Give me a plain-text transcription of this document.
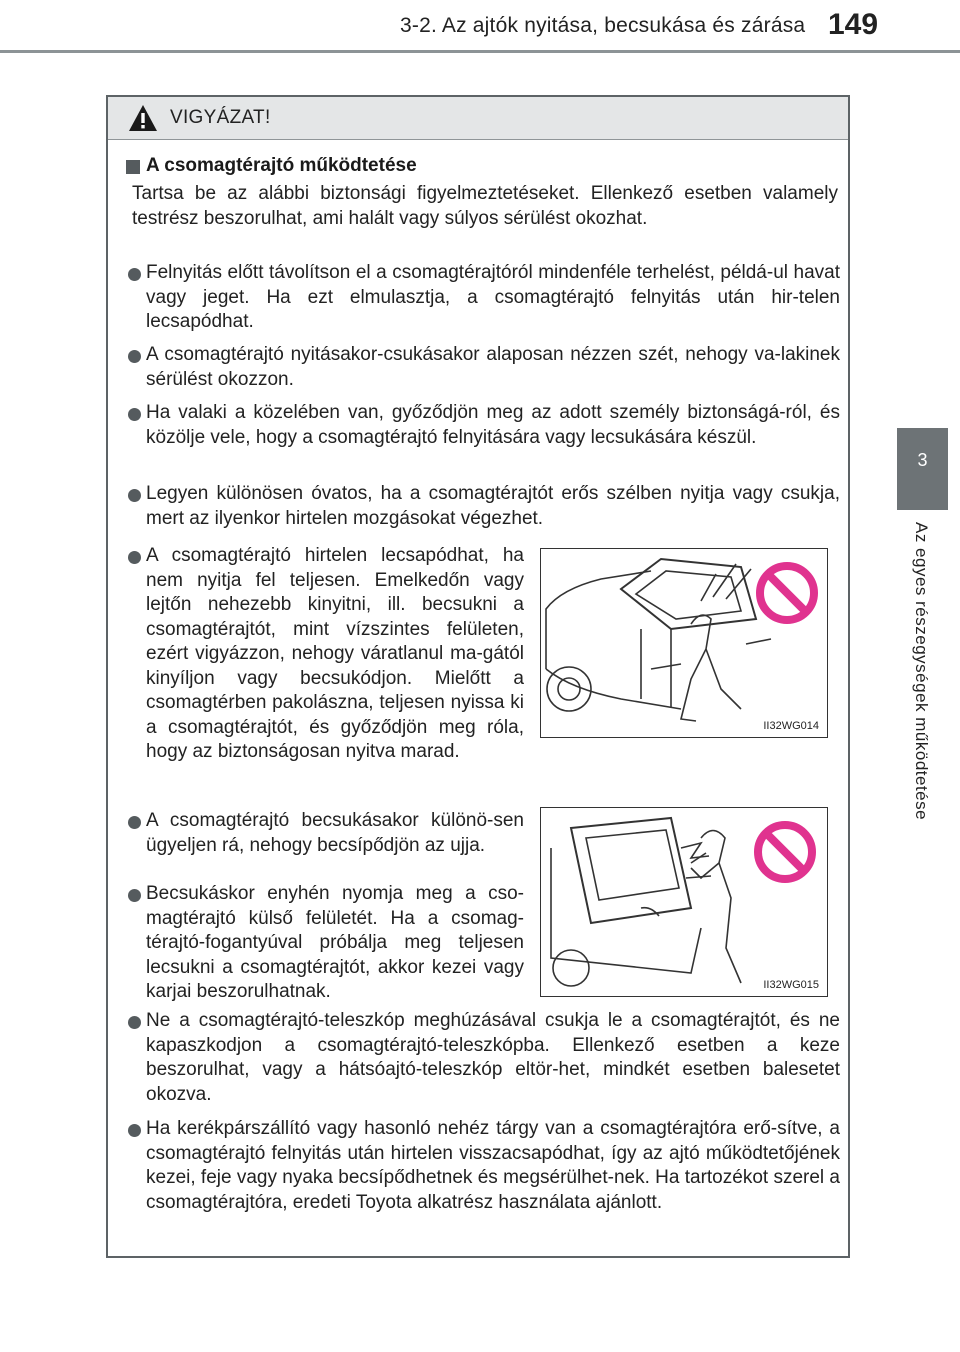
3-2. Az ajtók nyitása, becsukása és zárása 149
3
Az egyes részegységek működtetése
VIGYÁZAT!
A csomagtérajtó működtetése
Tartsa be az alábbi biztonsági figyelmeztetéseket. Ellenkező esetben valamely testrész beszorulhat, ami halált vagy súlyos sérülést okozhat.
Felnyitás előtt távolítson el a csomagtérajtóról mindenféle terhelést, példá-ul havat vagy jeget. Ha ezt elmulasztja, a csomagtérajtó felnyitás után hir-telen lecsapódhat.
A csomagtérajtó nyitásakor-csukásakor alaposan nézzen szét, nehogy va-lakinek sérülést okozzon.
Ha valaki a közelében van, győződjön meg az adott személy biztonságá-ról, és közölje vele, hogy a csomagtérajtó felnyitására vagy lecsukására készül.
Legyen különösen óvatos, ha a csomagtérajtót erős szélben nyitja vagy csukja, mert az ilyenkor hirtelen mozgásokat végezhet.
A csomagtérajtó hirtelen lecsapódhat, ha nem nyitja fel teljesen. Emelkedőn vagy lejtőn nehezebb kinyitni, ill. becsukni a csomagtérajtót, mint vízszintes felületen, ezért vigyázzon, nehogy váratlanul ma-gától kinyíljon vagy becsukódjon. Mielőtt a csomagtérben pakolászna, teljesen nyissa ki a csomagtérajtót, és győződjön meg róla, hogy az biztonságosan nyitva marad.
II32WG014
A csomagtérajtó becsukásakor különö-sen ügyeljen rá, nehogy becsípődjön az ujja.
II32WG015
Becsukáskor enyhén nyomja meg a cso-magtérajtó külső felületét. Ha a csomag-térajtó-fogantyúval próbálja meg teljesen lecsukni a csomagtérajtót, akkor kezei vagy karjai beszorulhatnak.
Ne a csomagtérajtó-teleszkóp meghúzásával csukja le a csomagtérajtót, és ne kapaszkodjon a csomagtérajtó-teleszkópba. Ellenkező esetben a keze beszorulhat, vagy a hátsóajtó-teleszkóp eltör-het, mindkét esetben balesetet okozva.
Ha kerékpárszállító vagy hasonló nehéz tárgy van a csomagtérajtóra erő-sítve, a csomagtérajtó felnyitás után hirtelen visszacsapódhat, így az ajtó működtetőjének kezei, feje vagy nyaka becsípődhetnek és megsérülhet-nek. Ha tartozékot szerel a csomagtérajtóra, eredeti Toyota alkatrész használata ajánlott.
